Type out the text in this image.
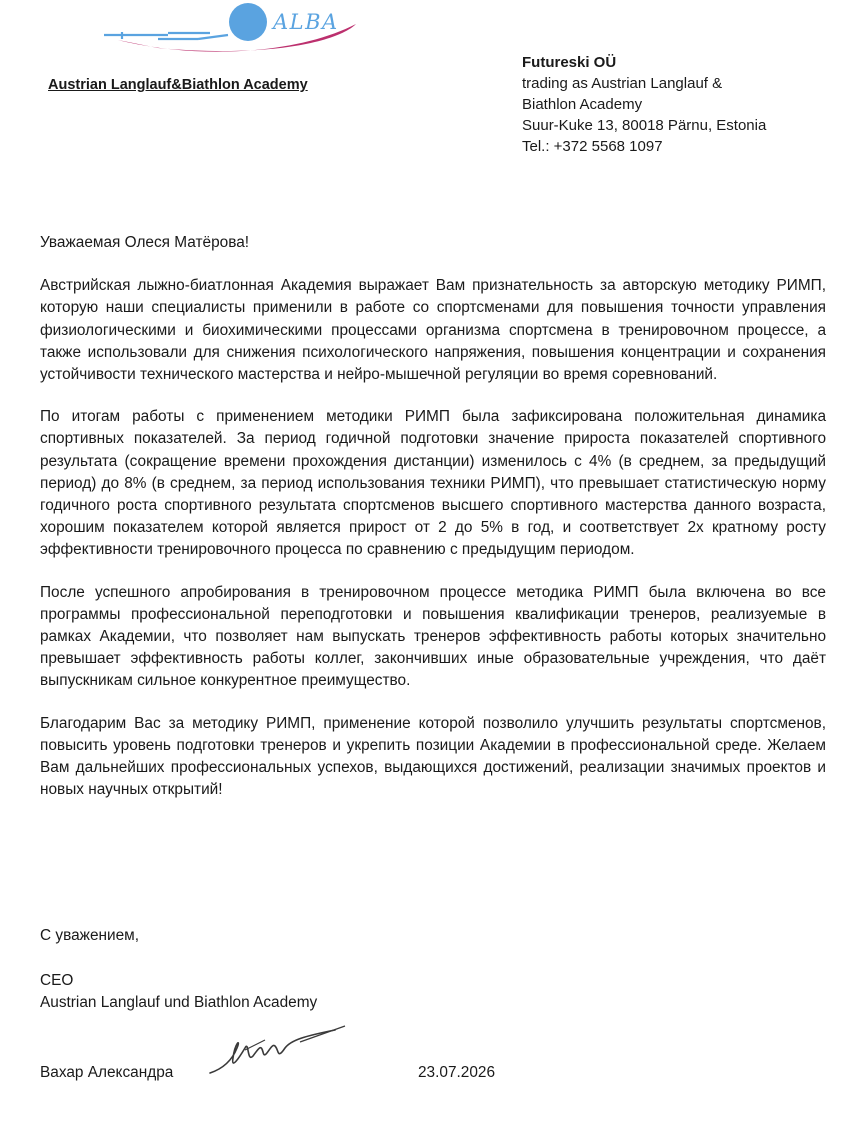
ALBA
Austrian Langlauf&Biathlon Academy
Futureski OÜ
trading as Austrian Langlauf &
Biathlon Academy
Suur-Kuke 13, 80018 Pärnu, Estonia
Tel.: +372 5568 1097

Уважаемая Олеся Матёрова!

Австрийская лыжно-биатлонная Академия выражает Вам признательность за авторскую методику РИМП, которую наши специалисты применили в работе со спортсменами для повышения точности управления физиологическими и биохимическими процессами организма спортсмена в тренировочном процессе, а также использовали для снижения психологического напряжения, повышения концентрации и сохранения устойчивости технического мастерства и нейро-мышечной регуляции во время соревнований.

По итогам работы с применением методики РИМП была зафиксирована положительная динамика спортивных показателей. За период годичной подготовки значение прироста показателей спортивного результата (сокращение времени прохождения дистанции) изменилось с 4% (в среднем, за предыдущий период) до 8% (в среднем, за период использования техники РИМП), что превышает статистическую норму годичного роста спортивного результата спортсменов высшего спортивного мастерства данного возраста, хорошим показателем которой является прирост от 2 до 5% в год, и соответствует 2х кратному росту эффективности тренировочного процесса по сравнению с предыдущим периодом.

После успешного апробирования в тренировочном процессе методика РИМП была включена во все программы профессиональной переподготовки и повышения квалификации тренеров, реализуемые в рамках Академии, что позволяет нам выпускать тренеров эффективность работы которых значительно превышает эффективность работы коллег, закончивших иные образовательные учреждения, что даёт выпускникам сильное конкурентное преимущество.

Благодарим Вас за методику РИМП, применение которой позволило улучшить результаты спортсменов, повысить уровень подготовки тренеров и укрепить позиции Академии в профессиональной среде. Желаем Вам дальнейших профессиональных успехов, выдающихся достижений, реализации значимых проектов и новых научных открытий!

С уважением,
CEO
Austrian Langlauf und Biathlon Academy
Вахар Александра	23.07.2026
